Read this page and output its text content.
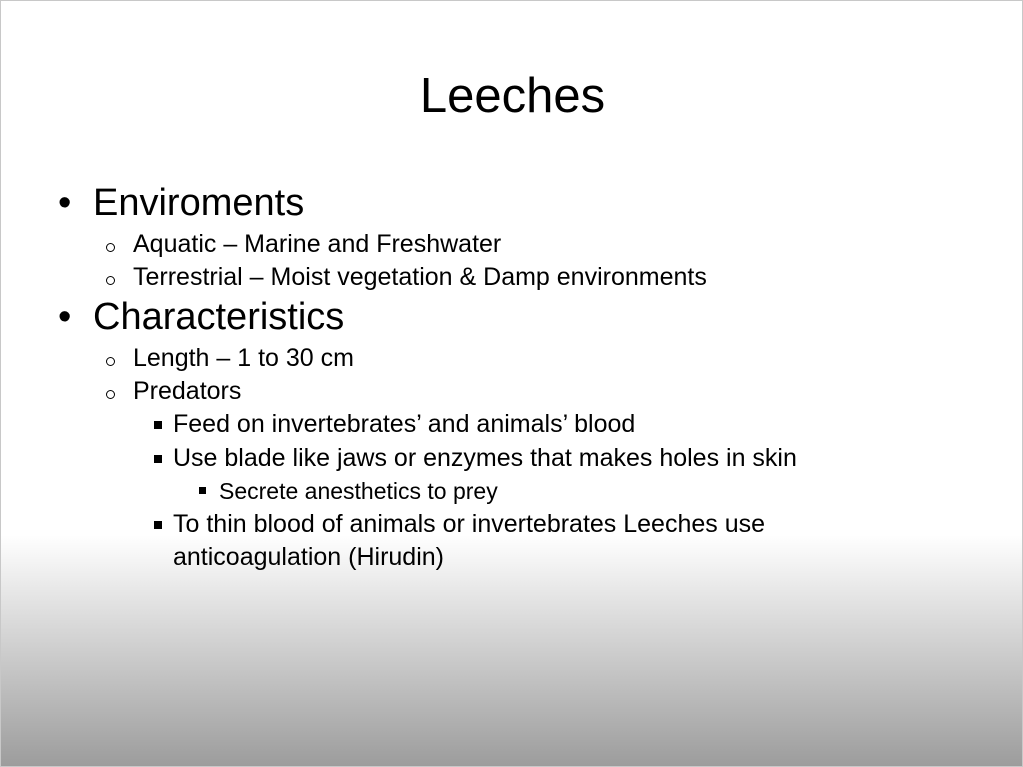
Leeches
• Enviroments
Aquatic – Marine and Freshwater
Terrestrial – Moist vegetation & Damp environments
• Characteristics
Length – 1 to 30 cm
Predators
Feed on invertebrates’ and animals’ blood
Use blade like jaws or enzymes that makes holes in skin
Secrete anesthetics to prey
To thin blood of animals or invertebrates Leeches use
anticoagulation (Hirudin)
